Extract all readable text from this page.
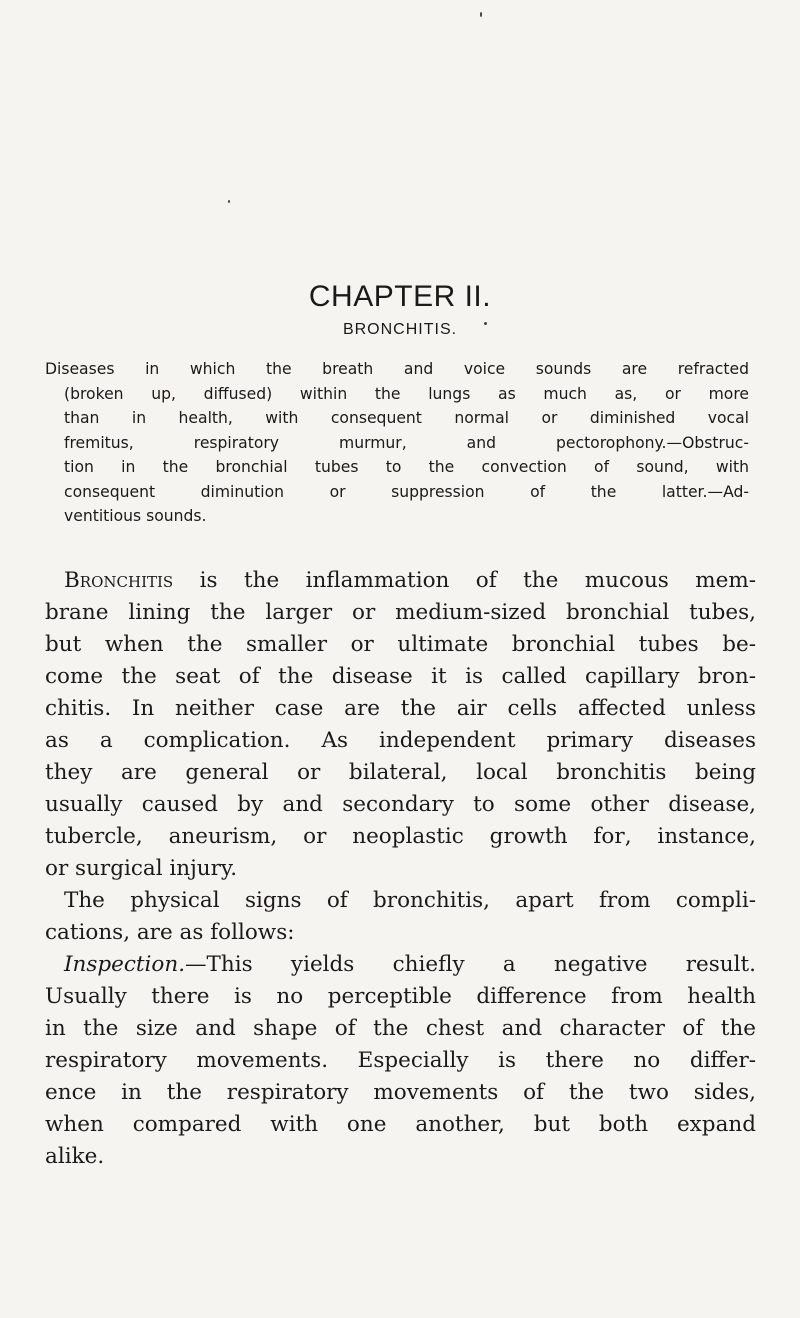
CHAPTER II.
BRONCHITIS.
Diseases in which the breath and voice sounds are refracted
(broken up, diffused) within the lungs as much as, or more
than in health, with consequent normal or diminished vocal
fremitus, respiratory murmur, and pectorophony.—Obstruc-
tion in the bronchial tubes to the convection of sound, with
consequent diminution or suppression of the latter.—Ad-
ventitious sounds.
Bronchitis is the inflammation of the mucous mem-
brane lining the larger or medium-sized bronchial tubes,
but when the smaller or ultimate bronchial tubes be-
come the seat of the disease it is called capillary bron-
chitis. In neither case are the air cells affected unless
as a complication. As independent primary diseases
they are general or bilateral, local bronchitis being
usually caused by and secondary to some other disease,
tubercle, aneurism, or neoplastic growth for‚ instance,
or surgical injury.
The physical signs of bronchitis, apart from compli-
cations, are as follows:
Inspection.—This yields chiefly a negative result.
Usually there is no perceptible difference from health
in the size and shape of the chest and character of the
respiratory movements. Especially is there no differ-
ence in the respiratory movements of the two sides,
when compared with one another, but both expand
alike.
